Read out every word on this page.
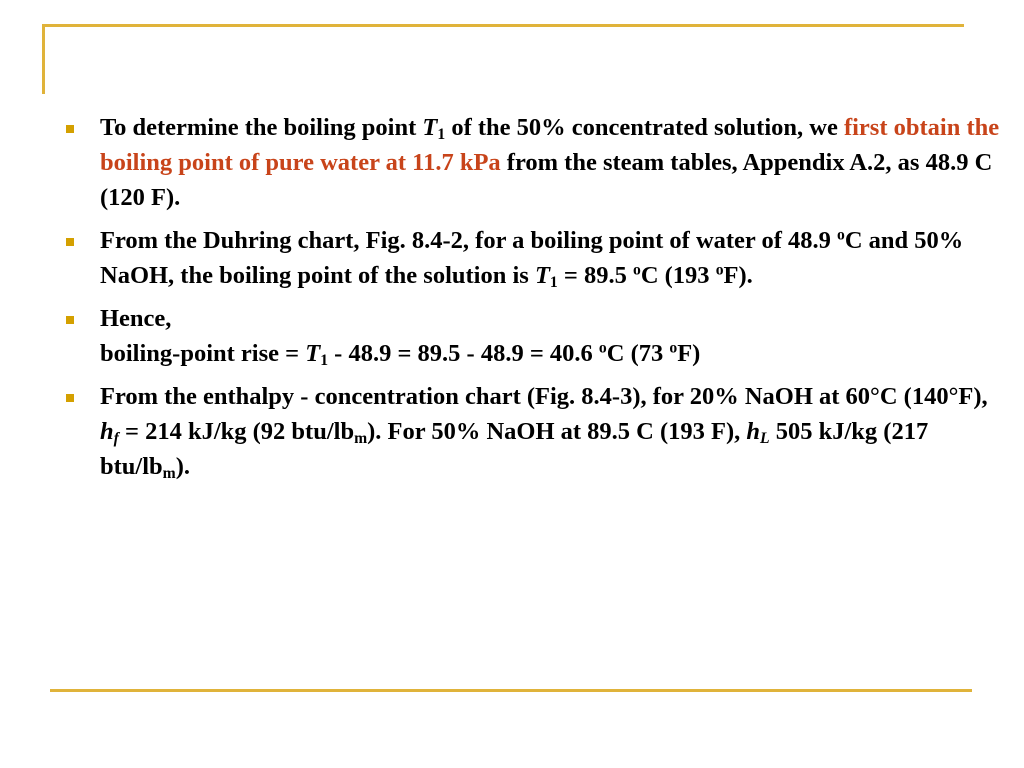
To determine the boiling point $T_1$ of the 50% concentrated solution, we first obtain the boiling point of pure water at 11.7 kPa from the steam tables, Appendix A.2, as 48.9 C (120 F).
From the Duhring chart, Fig. 8.4-2, for a boiling point of water of 48.9 $^o$C and 50% NaOH, the boiling point of the solution is $T_1 = 89.5$ $^o$C (193 $^o$F).
Hence,
boiling-point rise = $T_1 - 48.9 = 89.5 - 48.9 = 40.6$ $^o$C (73 $^o$F)
From the enthalpy - concentration chart (Fig. 8.4-3), for 20% NaOH at 60°C (140°F), $h_f = 214$ kJ/kg (92 btu/$lb_m$). For 50% NaOH at 89.5 C (193 F), $h_L$ 505 kJ/kg (217 btu/$lb_m$).
